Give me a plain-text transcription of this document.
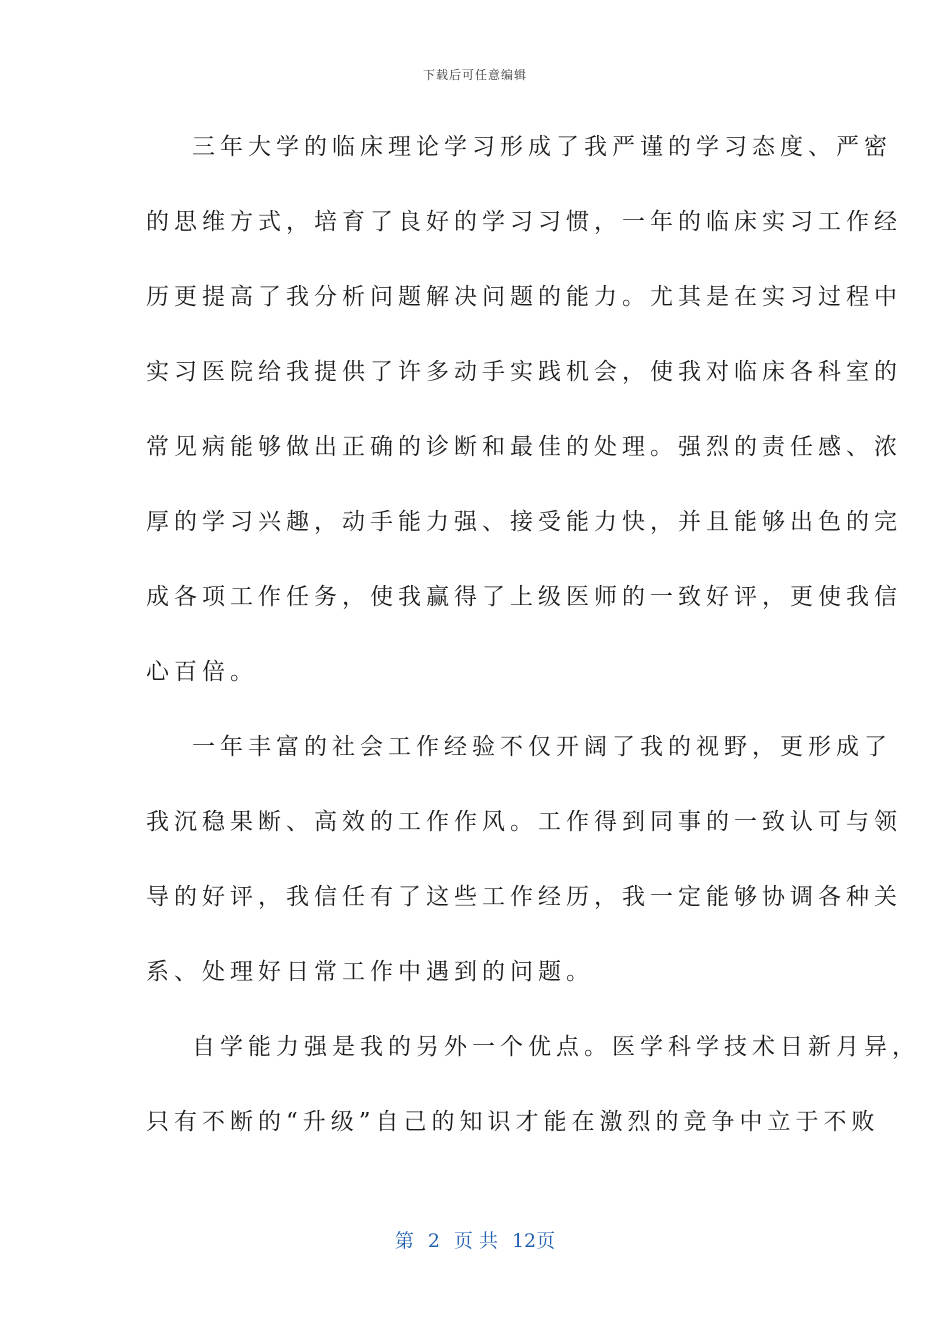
下载后可任意编辑
三年大学的临床理论学习形成了我严谨的学习态度、严密
的思维方式，培育了良好的学习习惯，一年的临床实习工作经
历更提高了我分析问题解决问题的能力。尤其是在实习过程中
实习医院给我提供了许多动手实践机会，使我对临床各科室的
常见病能够做出正确的诊断和最佳的处理。强烈的责任感、浓
厚的学习兴趣，动手能力强、接受能力快，并且能够出色的完
成各项工作任务，使我赢得了上级医师的一致好评，更使我信
心百倍。
一年丰富的社会工作经验不仅开阔了我的视野，更形成了
我沉稳果断、高效的工作作风。工作得到同事的一致认可与领
导的好评，我信任有了这些工作经历，我一定能够协调各种关
系、处理好日常工作中遇到的问题。
自学能力强是我的另外一个优点。医学科学技术日新月异，
只有不断的“升级”自己的知识才能在激烈的竞争中立于不败
第 2 页 共 12页
